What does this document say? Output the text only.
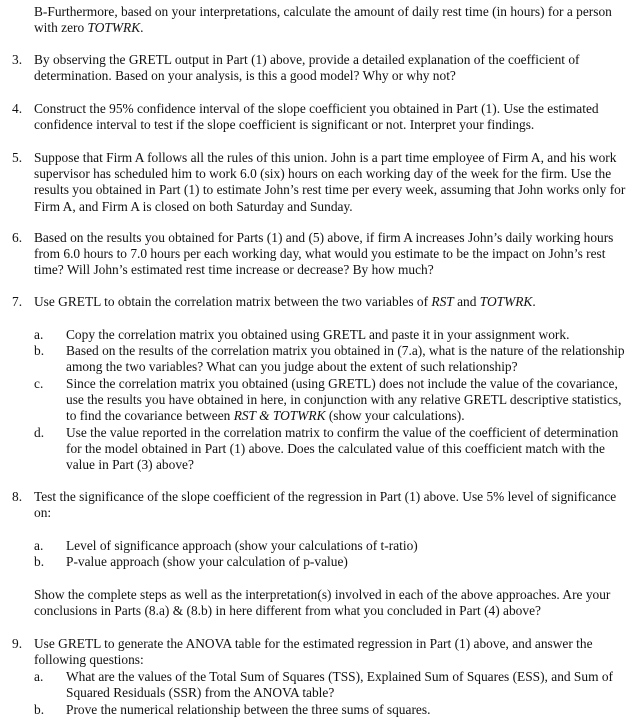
B-Furthermore, based on your interpretations, calculate the amount of daily rest time (in hours) for a person with zero TOTWRK.

3. By observing the GRETL output in Part (1) above, provide a detailed explanation of the coefficient of determination. Based on your analysis, is this a good model? Why or why not?
4. Construct the 95% confidence interval of the slope coefficient you obtained in Part (1). Use the estimated confidence interval to test if the slope coefficient is significant or not. Interpret your findings.
5. Suppose that Firm A follows all the rules of this union. John is a part time employee of Firm A, and his work supervisor has scheduled him to work 6.0 (six) hours on each working day of the week for the firm. Use the results you obtained in Part (1) to estimate John’s rest time per every week, assuming that John works only for Firm A, and Firm A is closed on both Saturday and Sunday.
6. Based on the results you obtained for Parts (1) and (5) above, if firm A increases John’s daily working hours from 6.0 hours to 7.0 hours per each working day, what would you estimate to be the impact on John’s rest time? Will John’s estimated rest time increase or decrease? By how much?
7. Use GRETL to obtain the correlation matrix between the two variables of RST and TOTWRK.
a.	Copy the correlation matrix you obtained using GRETL and paste it in your assignment work.
b.	Based on the results of the correlation matrix you obtained in (7.a), what is the nature of the relationship among the two variables? What can you judge about the extent of such relationship?
c.	Since the correlation matrix you obtained (using GRETL) does not include the value of the covariance, use the results you have obtained in here, in conjunction with any relative GRETL descriptive statistics, to find the covariance between RST & TOTWRK (show your calculations).
d.	Use the value reported in the correlation matrix to confirm the value of the coefficient of determination for the model obtained in Part (1) above. Does the calculated value of this coefficient match with the value in Part (3) above?
8. Test the significance of the slope coefficient of the regression in Part (1) above. Use 5% level of significance on:
a.	Level of significance approach (show your calculations of t-ratio)
b.	P-value approach (show your calculation of p-value)

Show the complete steps as well as the interpretation(s) involved in each of the above approaches. Are your conclusions in Parts (8.a) & (8.b) in here different from what you concluded in Part (4) above?

9. Use GRETL to generate the ANOVA table for the estimated regression in Part (1) above, and answer the following questions:
a.	What are the values of the Total Sum of Squares (TSS), Explained Sum of Squares (ESS), and Sum of Squared Residuals (SSR) from the ANOVA table?
b.	Prove the numerical relationship between the three sums of squares.
